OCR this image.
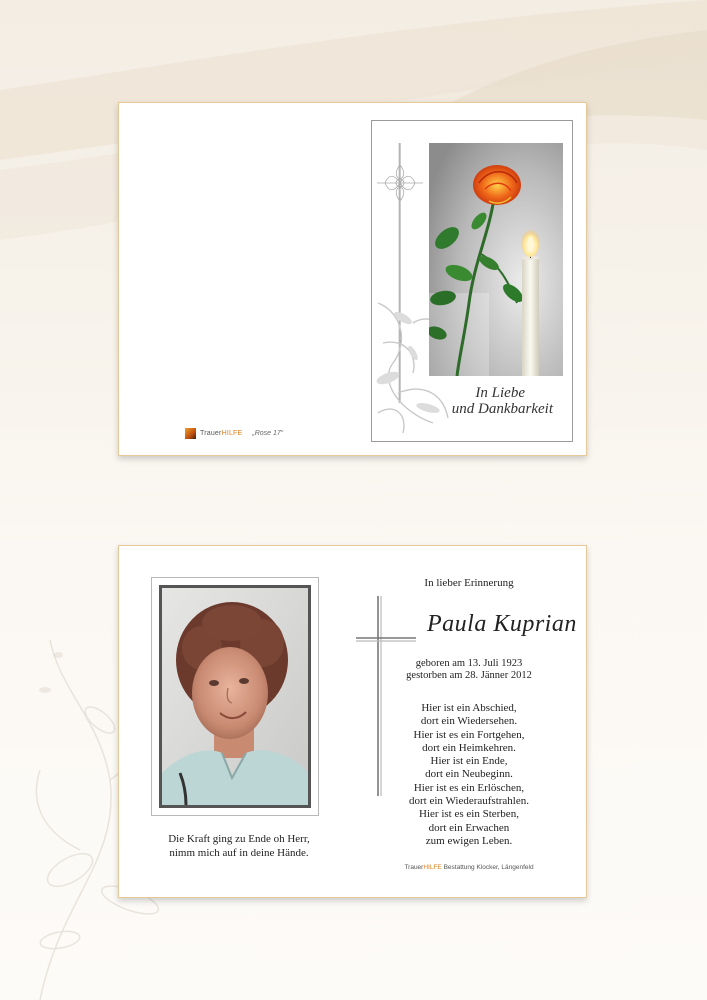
In Liebe
und Dankbarkeit
TrauerHILFE „Rose 17“
Die Kraft ging zu Ende oh Herr,
nimm mich auf in deine Hände.
In lieber Erinnerung
Paula Kuprian
geboren am 13. Juli 1923
gestorben am 28. Jänner 2012
Hier ist ein Abschied,
dort ein Wiedersehen.
Hier ist es ein Fortgehen,
dort ein Heimkehren.
Hier ist ein Ende,
dort ein Neubeginn.
Hier ist es ein Erlöschen,
dort ein Wiederaufstrahlen.
Hier ist es ein Sterben,
dort ein Erwachen
zum ewigen Leben.
TrauerHILFE Bestattung Klocker, Längenfeld
